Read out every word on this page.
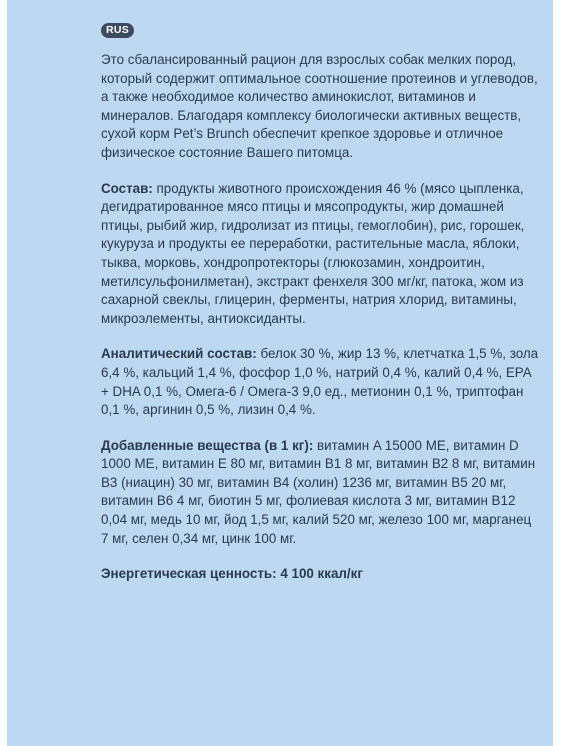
RUS

Это сбалансированный рацион для взрослых собак мелких пород, который содержит оптимальное соотношение протеинов и углеводов, а также необходимое количество аминокислот, витаминов и минералов. Благодаря комплексу биологически активных веществ, сухой корм Pet’s Brunch обеспечит крепкое здоровье и отличное физическое состояние Вашего питомца.

Состав: продукты животного происхождения 46 % (мясо цыпленка, дегидратированное мясо птицы и мясопродукты, жир домашней птицы, рыбий жир, гидролизат из птицы, гемоглобин), рис, горошек, кукуруза и продукты ее переработки, растительные масла, яблоки, тыква, морковь, хондропротекторы (глюкозамин, хондроитин, метилсульфонилметан), экстракт фенхеля 300 мг/кг, патока, жом из сахарной свеклы, глицерин, ферменты, натрия хлорид, витамины, микроэлементы, антиоксиданты.

Аналитический состав: белок 30 %, жир 13 %, клетчатка 1,5 %, зола 6,4 %, кальций 1,4 %, фосфор 1,0 %, натрий 0,4 %, калий 0,4 %, EPA + DHA 0,1 %, Омега-6 / Омега-3 9,0 ед., метионин 0,1 %, триптофан 0,1 %, аргинин 0,5 %, лизин 0,4 %.

Добавленные вещества (в 1 кг): витамин A 15000 МЕ, витамин D 1000 МЕ, витамин E 80 мг, витамин B1 8 мг, витамин B2 8 мг, витамин B3 (ниацин) 30 мг, витамин B4 (холин) 1236 мг, витамин B5 20 мг, витамин B6 4 мг, биотин 5 мг, фолиевая кислота 3 мг, витамин B12 0,04 мг, медь 10 мг, йод 1,5 мг, калий 520 мг, железо 100 мг, марганец 7 мг, селен 0,34 мг, цинк 100 мг.

Энергетическая ценность: 4 100 ккал/кг
